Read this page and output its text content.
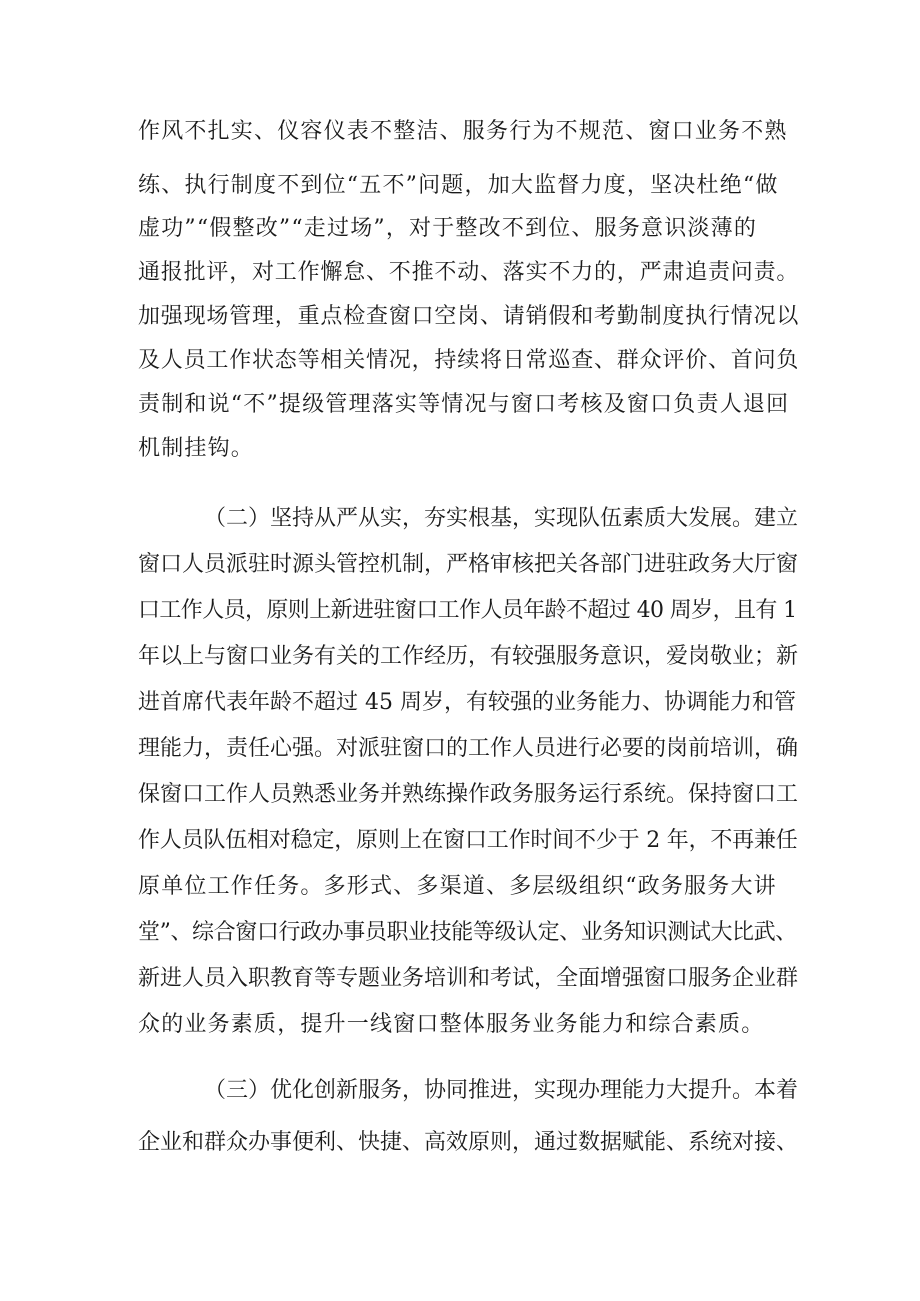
作风不扎实、仪容仪表不整洁、服务行为不规范、窗口业务不熟
练、执行制度不到位“五不”问题，加大监督力度，坚决杜绝“做
虚功”“假整改”“走过场”，对于整改不到位、服务意识淡薄的
通报批评，对工作懈怠、不推不动、落实不力的，严肃追责问责。
加强现场管理，重点检查窗口空岗、请销假和考勤制度执行情况以
及人员工作状态等相关情况，持续将日常巡查、群众评价、首问负
责制和说“不”提级管理落实等情况与窗口考核及窗口负责人退回
机制挂钩。
（二）坚持从严从实，夯实根基，实现队伍素质大发展。建立
窗口人员派驻时源头管控机制，严格审核把关各部门进驻政务大厅窗
口工作人员，原则上新进驻窗口工作人员年龄不超过 40 周岁，且有 1
年以上与窗口业务有关的工作经历，有较强服务意识，爱岗敬业；新
进首席代表年龄不超过 45 周岁，有较强的业务能力、协调能力和管
理能力，责任心强。对派驻窗口的工作人员进行必要的岗前培训，确
保窗口工作人员熟悉业务并熟练操作政务服务运行系统。保持窗口工
作人员队伍相对稳定，原则上在窗口工作时间不少于 2 年，不再兼任
原单位工作任务。多形式、多渠道、多层级组织“政务服务大讲
堂”、综合窗口行政办事员职业技能等级认定、业务知识测试大比武、
新进人员入职教育等专题业务培训和考试，全面增强窗口服务企业群
众的业务素质，提升一线窗口整体服务业务能力和综合素质。
（三）优化创新服务，协同推进，实现办理能力大提升。本着
企业和群众办事便利、快捷、高效原则，通过数据赋能、系统对接、
